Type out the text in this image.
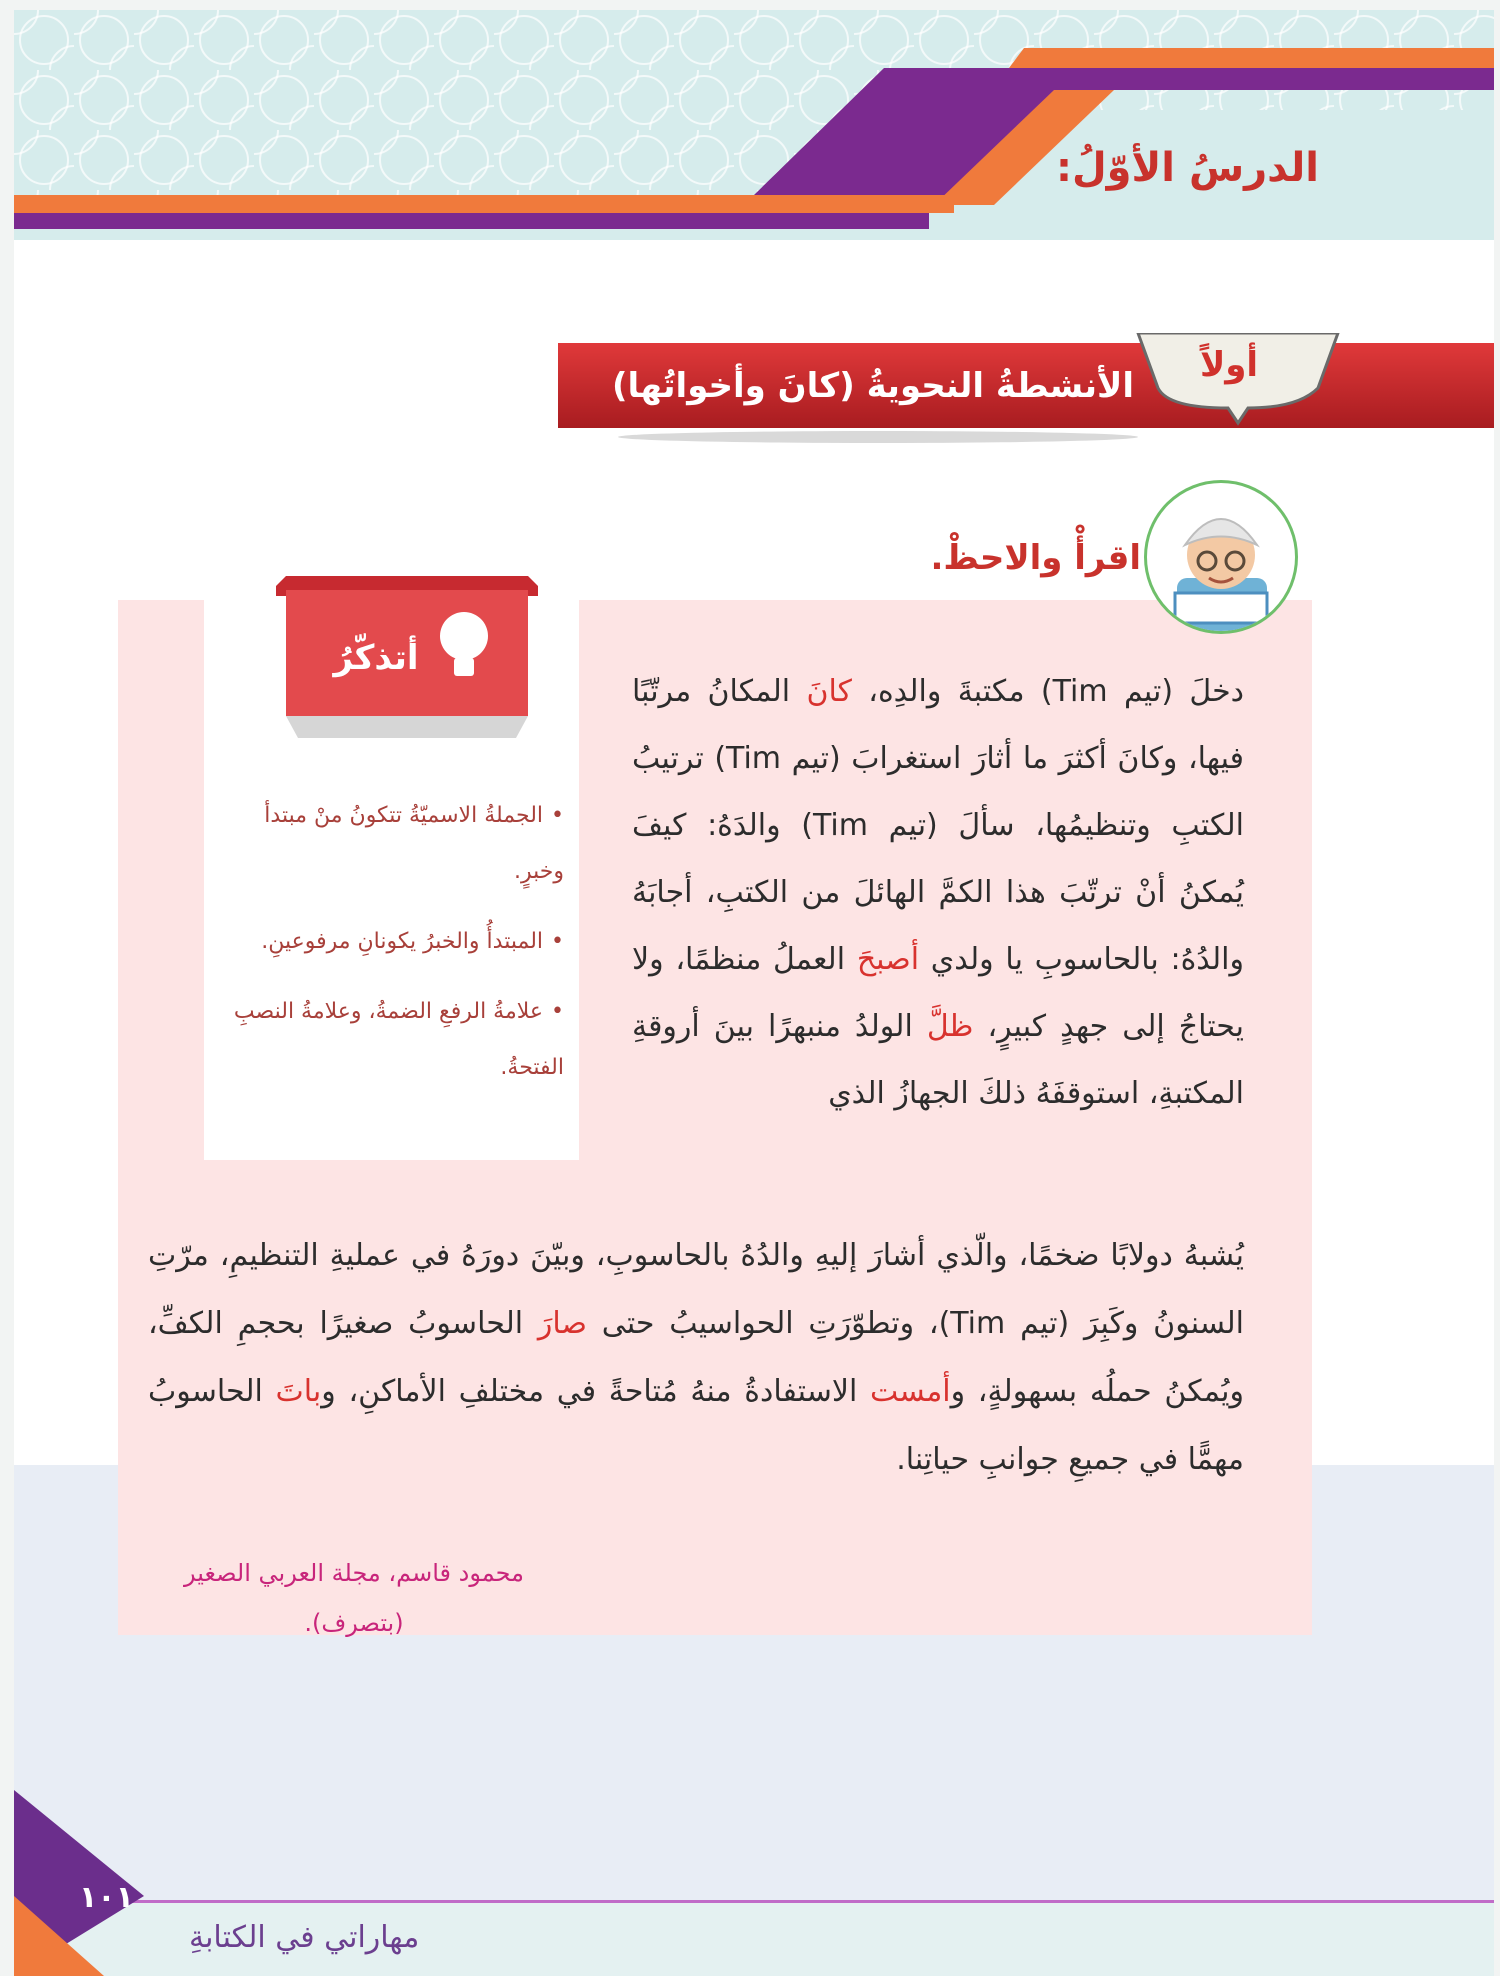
الدرسُ الأوّلُ:
أولاً
الأنشطةُ النحويةُ (كانَ وأخواتُها)
اقرأْ والاحظْ.
أتذكّرُ
•الجملةُ الاسميّةُ تتكونُ منْ مبتدأ وخبرٍ.
•المبتدأُ والخبرُ يكونانِ مرفوعينِ.
•علامةُ الرفعِ الضمةُ، وعلامةُ النصبِ الفتحةُ.
دخلَ (تيم Tim) مكتبةَ والدِه، كانَ المكانُ مرتّبًا فيها، وكانَ أكثرَ ما أثارَ استغرابَ (تيم Tim) ترتيبُ الكتبِ وتنظيمُها، سألَ (تيم Tim) والدَهُ: كيفَ يُمكنُ أنْ ترتّبَ هذا الكمَّ الهائلَ من الكتبِ، أجابَهُ والدُهُ: بالحاسوبِ يا ولدي أصبحَ العملُ منظمًا، ولا يحتاجُ إلى جهدٍ كبيرٍ، ظلَّ الولدُ منبهرًا بينَ أروقةِ المكتبةِ، استوقفَهُ ذلكَ الجهازُ الذي
يُشبهُ دولابًا ضخمًا، والّذي أشارَ إليهِ والدُهُ بالحاسوبِ، وبيّنَ دورَهُ في عمليةِ التنظيمِ، مرّتِ السنونُ وكَبِرَ (تيم Tim)، وتطوّرَتِ الحواسيبُ حتى صارَ الحاسوبُ صغيرًا بحجمِ الكفِّ، ويُمكنُ حملُه بسهولةٍ، وأمست الاستفادةُ منهُ مُتاحةً في مختلفِ الأماكنِ، وباتَ الحاسوبُ مهمًّا في جميعِ جوانبِ حياتِنا.
محمود قاسم، مجلة العربي الصغير
(بتصرف).
١٠١
مهاراتي في الكتابةِ
